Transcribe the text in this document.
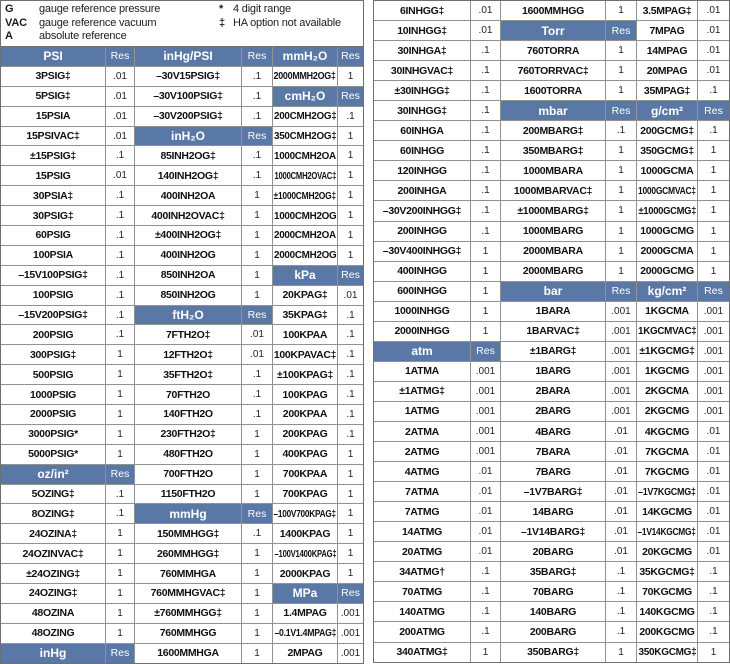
G	gauge reference pressure
VAC	gauge reference vacuum
A	absolute reference
* 4 digit range
‡ HA option not available
PSI	Res	inHg/PSI	Res mmH₂O Res
3PSIG‡	.01	–30V15PSIG‡	.1 2000MMH2OG‡ 1
5PSIG‡	.01	–30V100PSIG‡	.1 cmH₂O Res
15PSIA	.01	–30V200PSIG‡	.1 200CMH2OG‡ .1
15PSIVAC‡	.01	inH₂O	Res 350CMH2OG‡ 1
±15PSIG‡	.1	85INH2OG‡	.1 1000CMH2OA 1
15PSIG	.01	140INH2OG‡	.1 1000CMH2OVAC‡ 1
30PSIA‡	.1	400INH2OA	1 ±1000CMH2OG‡ 1
30PSIG‡	.1	400INH2OVAC‡	1 1000CMH2OG 1
60PSIG	.1	±400INH2OG‡	1 2000CMH2OA 1
100PSIA	.1	400INH2OG	1 2000CMH2OG 1
–15V100PSIG‡	.1	850INH2OA	1	kPa Res
100PSIG	.1	850INH2OG	1 20KPAG‡ .01
–15V200PSIG‡	.1	ftH₂O	Res 35KPAG‡ .1
200PSIG	.1	7FTH2O‡	.01 100KPAA .1
300PSIG‡	1	12FTH2O‡	.01 100KPAVAC‡ .1
500PSIG	1	35FTH2O‡	.1 ±100KPAG‡ .1
1000PSIG	1	70FTH2O	.1 100KPAG .1
2000PSIG	1	140FTH2O	.1 200KPAA .1
3000PSIG*	1	230FTH2O‡	1 200KPAG .1
5000PSIG*	1	480FTH2O	1 400KPAG 1
oz/in²	Res	700FTH2O	1 700KPAA 1
5OZING‡	.1	1150FTH2O	1 700KPAG 1
8OZING‡	.1	mmHg	Res –100V700KPAG‡ 1
24OZINA‡	1	150MMHGG‡	.1 1400KPAG 1
24OZINVAC‡	1	260MMHGG‡	1 –100V1400KPAG‡ 1
±24OZING‡	1	760MMHGA	1 2000KPAG 1
24OZING‡	1	760MMHGVAC‡	1	MPa Res
48OZINA	1	±760MMHGG‡	1 1.4MPAG .001
48OZING	1	760MMHGG	1 –0.1V1.4MPAG‡ .001
inHg	Res	1600MMHGA	1	2MPAG .001
6INHGG‡	.01	1600MMHGG	1 3.5MPAG‡ .01
10INHGG‡	.01	Torr	Res 7MPAG .01
30INHGA‡	.1	760TORRA	1 14MPAG .01
30INHGVAC‡	.1	760TORRVAC‡	1 20MPAG .01
±30INHGG‡	.1	1600TORRA	1 35MPAG‡ .1
30INHGG‡	.1	mbar	Res g/cm² Res
60INHGA	.1	200MBARG‡	.1 200GCMG‡ .1
60INHGG	.1	350MBARG‡	1 350GCMG‡ 1
120INHGG	.1	1000MBARA	1 1000GCMA 1
200INHGA	.1 1000MBARVAC‡	1 1000GCMVAC‡ 1
–30V200INHGG‡ .1	±1000MBARG‡	1 ±1000GCMG‡ 1
200INHGG	.1	1000MBARG	1 1000GCMG 1
–30V400INHGG‡ 1	2000MBARA	1 2000GCMA 1
400INHGG	1	2000MBARG	1 2000GCMG 1
600INHGG	1	bar	Res kg/cm² Res
1000INHGG	1	1BARA	.001 1KGCMA .001
2000INHGG	1	1BARVAC‡	.001 1KGCMVAC‡ .001
atm	Res	±1BARG‡	.001 ±1KGCMG‡ .001
1ATMA	.001	1BARG	.001 1KGCMG .001
±1ATMG‡	.001	2BARA	.001 2KGCMA .001
1ATMG	.001	2BARG	.001 2KGCMG .001
2ATMA	.001	4BARG	.01 4KGCMG .01
2ATMG	.001	7BARA	.01 7KGCMA .01
4ATMG	.01	7BARG	.01 7KGCMG .01
7ATMA	.01	–1V7BARG‡	.01 –1V7KGCMG‡ .01
7ATMG	.01	14BARG	.01 14KGCMG .01
14ATMG	.01	–1V14BARG‡	.01 –1V14KGCMG‡ .01
20ATMG	.01	20BARG	.01 20KGCMG .01
34ATMG†	.1	35BARG‡	.1 35KGCMG‡ .1
70ATMG	.1	70BARG	.1 70KGCMG .1
140ATMG	.1	140BARG	.1 140KGCMG .1
200ATMG	.1	200BARG	.1 200KGCMG .1
340ATMG‡	1	350BARG‡	1 350KGCMG‡ 1
